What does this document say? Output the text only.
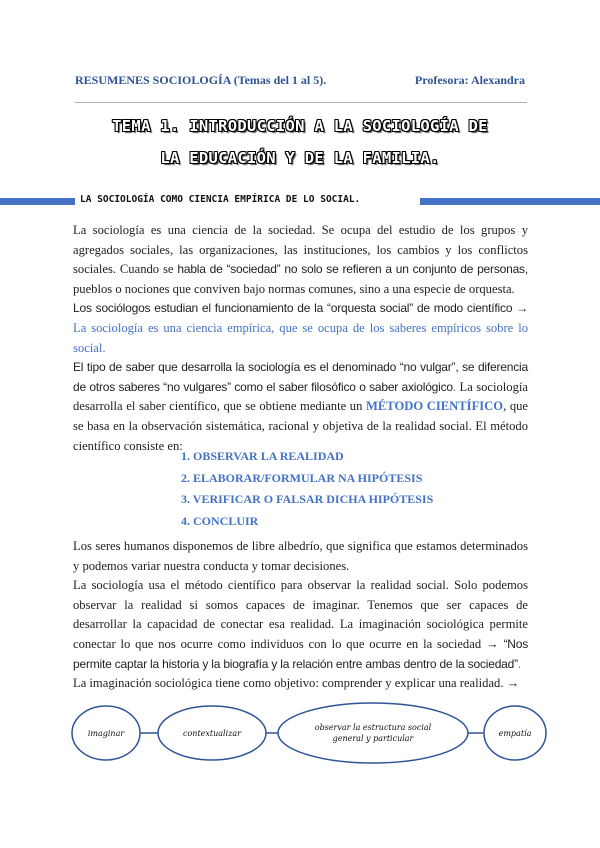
RESUMENES SOCIOLOGÍA (Temas del 1 al 5).	Profesora: Alexandra
TEMA 1. INTRODUCCIÓN A LA SOCIOLOGÍA DE
LA EDUCACIÓN Y DE LA FAMILIA.
LA SOCIOLOGÍA COMO CIENCIA EMPÍRICA DE LO SOCIAL.

La sociología es una ciencia de la sociedad. Se ocupa del estudio de los grupos y agregados sociales, las organizaciones, las instituciones, los cambios y los conflictos sociales. Cuando se habla de “sociedad” no solo se refieren a un conjunto de personas, pueblos o nociones que conviven bajo normas comunes, sino a una especie de orquesta.

Los sociólogos estudian el funcionamiento de la “orquesta social” de modo científico → La sociología es una ciencia empírica, que se ocupa de los saberes empíricos sobre lo social.

El tipo de saber que desarrolla la sociología es el denominado “no vulgar”, se diferencia de otros saberes “no vulgares” como el saber filosófico o saber axiológico. La sociología desarrolla el saber científico, que se obtiene mediante un MÉTODO CIENTÍFICO, que se basa en la observación sistemática, racional y objetiva de la realidad social. El método científico consiste en:

1. OBSERVAR LA REALIDAD
2. ELABORAR/FORMULAR NA HIPÓTESIS
3. VERIFICAR O FALSAR DICHA HIPÓTESIS
4. CONCLUIR

Los seres humanos disponemos de libre albedrío, que significa que estamos determinados y podemos variar nuestra conducta y tomar decisiones.

La sociología usa el método científico para observar la realidad social. Solo podemos observar la realidad si somos capaces de imaginar. Tenemos que ser capaces de desarrollar la capacidad de conectar esa realidad. La imaginación sociológica permite conectar lo que nos ocurre como individuos con lo que ocurre en la sociedad → “Nos permite captar la historia y la biografía y la relación entre ambas dentro de la sociedad”.

La imaginación sociológica tiene como objetivo: comprender y explicar una realidad. →

imaginar	contextualizar
observar la estructura social
general y particular
empatía
